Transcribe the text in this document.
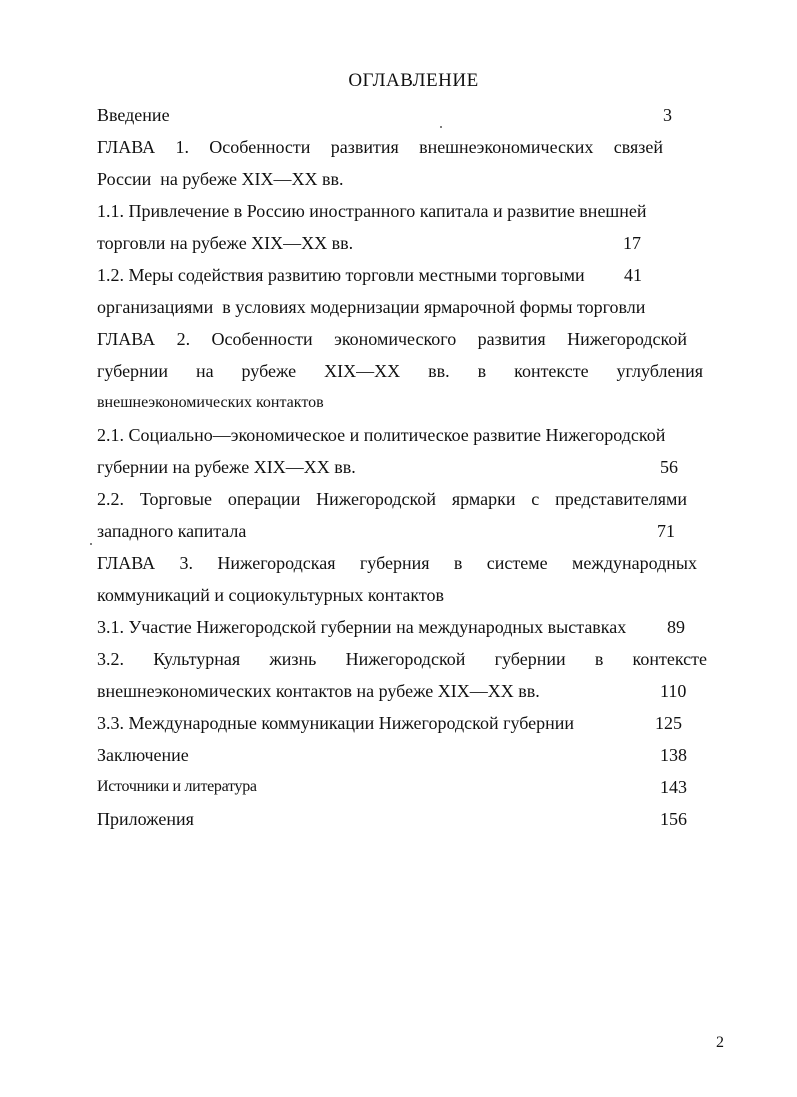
ОГЛАВЛЕНИЕ
Введение	3
ГЛАВА 1. Особенности развития внешнеэкономических связей
России  на рубеже XIX—XX вв.
1.1. Привлечение в Россию иностранного капитала и развитие внешней
торговли на рубеже XIX—XX вв.	17
1.2. Меры содействия развитию торговли местными торговыми 41
организациями  в условиях модернизации ярмарочной формы торговли
ГЛАВА 2. Особенности экономического развития Нижегородской
губернии на рубеже XIX—XX вв. в контексте углубления
внешнеэкономических контактов
2.1. Социально—экономическое и политическое развитие Нижегородской
губернии на рубеже XIX—XX вв.	56
2.2. Торговые операции Нижегородской ярмарки с представителями
западного капитала	71
ГЛАВА 3. Нижегородская губерния в системе международных
коммуникаций и социокультурных контактов
3.1. Участие Нижегородской губернии на международных выставках 89
3.2. Культурная жизнь Нижегородской губернии в контексте
внешнеэкономических контактов на рубеже XIX—XX вв.	110
3.3. Международные коммуникации Нижегородской губернии	125
Заключение	138
Источники и литература	143
Приложения	156
2
